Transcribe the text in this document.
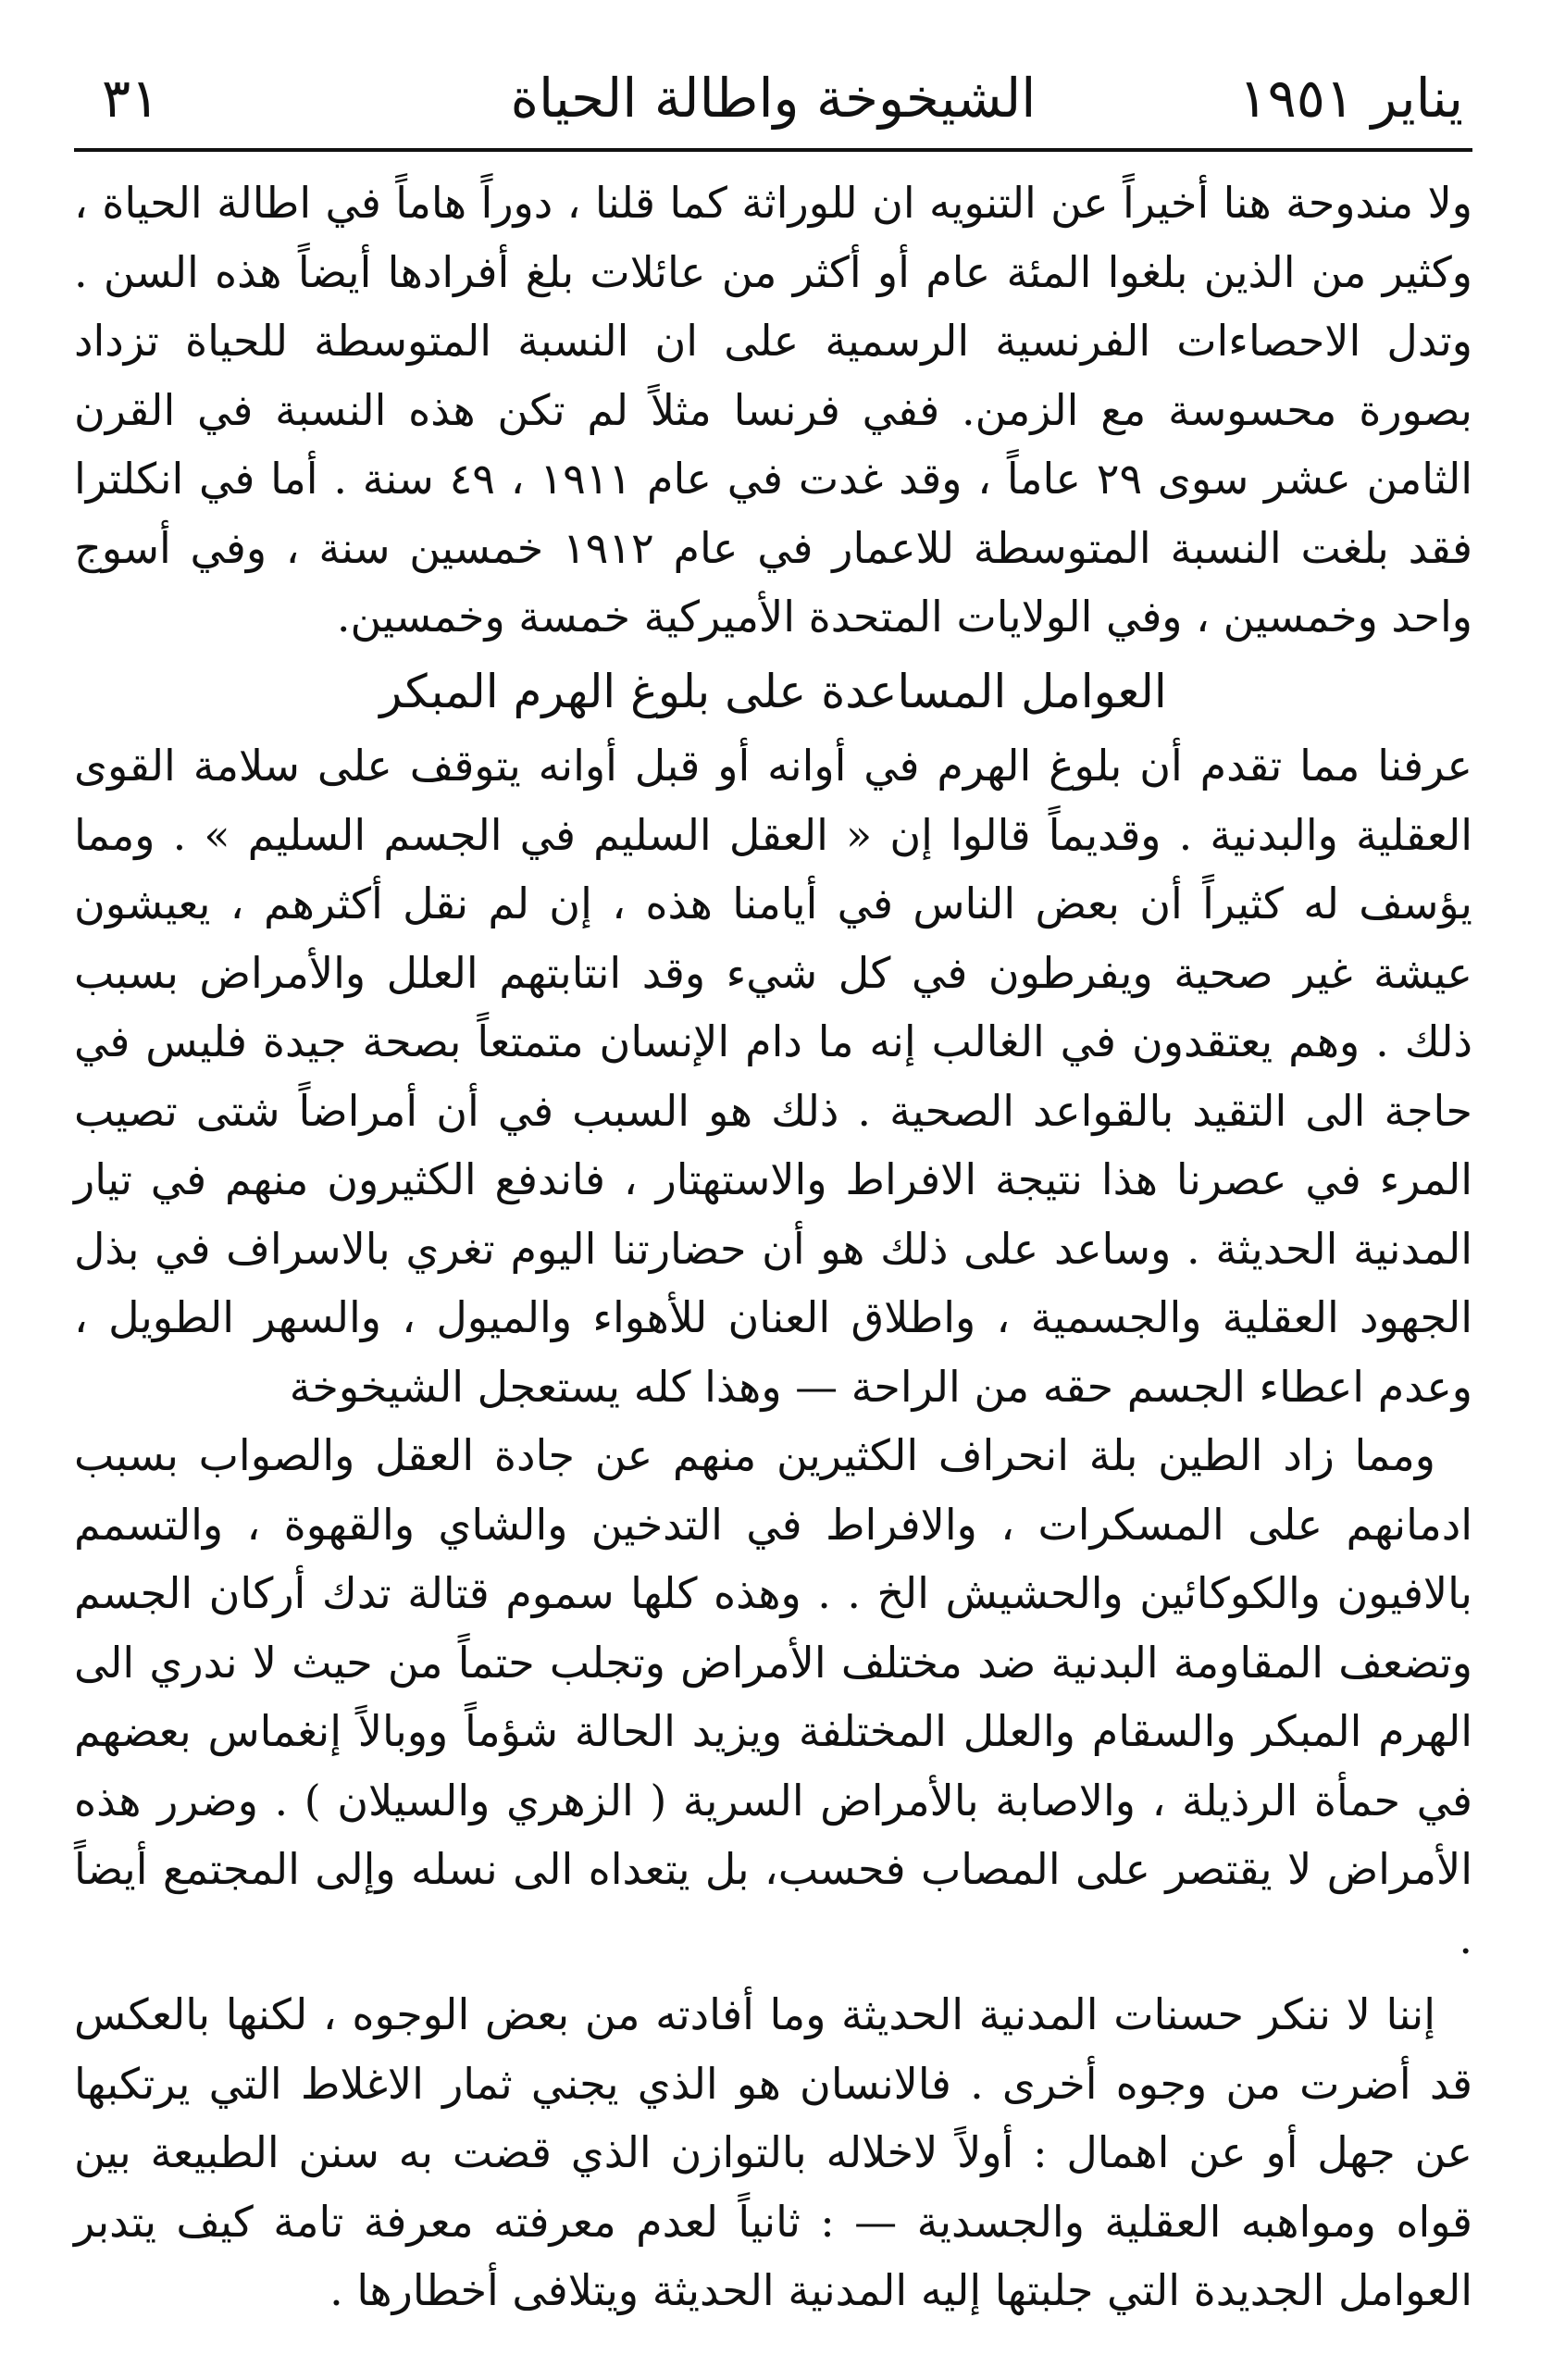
يناير ١٩٥١
الشيخوخة واطالة الحياة
٣١

ولا مندوحة هنا أخيراً عن التنويه ان للوراثة كما قلنا ، دوراً هاماً في اطالة الحياة ، وكثير من الذين بلغوا المئة عام أو أكثر من عائلات بلغ أفرادها أيضاً هذه السن . وتدل الاحصاءات الفرنسية الرسمية على ان النسبة المتوسطة للحياة تزداد بصورة محسوسة مع الزمن. ففي فرنسا مثلاً لم تكن هذه النسبة في القرن الثامن عشر سوى ٢٩ عاماً ، وقد غدت في عام ١٩١١ ، ٤٩ سنة . أما في انكلترا فقد بلغت النسبة المتوسطة للاعمار في عام ١٩١٢ خمسين سنة ، وفي أسوج واحد وخمسين ، وفي الولايات المتحدة الأميركية خمسة وخمسين.

العوامل المساعدة على بلوغ الهرم المبكر

عرفنا مما تقدم أن بلوغ الهرم في أوانه أو قبل أوانه يتوقف على سلامة القوى العقلية والبدنية . وقديماً قالوا إن « العقل السليم في الجسم السليم » . ومما يؤسف له كثيراً أن بعض الناس في أيامنا هذه ، إن لم نقل أكثرهم ، يعيشون عيشة غير صحية ويفرطون في كل شيء وقد انتابتهم العلل والأمراض بسبب ذلك . وهم يعتقدون في الغالب إنه ما دام الإنسان متمتعاً بصحة جيدة فليس في حاجة الى التقيد بالقواعد الصحية . ذلك هو السبب في أن أمراضاً شتى تصيب المرء في عصرنا هذا نتيجة الافراط والاستهتار ، فاندفع الكثيرون منهم في تيار المدنية الحديثة . وساعد على ذلك هو أن حضارتنا اليوم تغري بالاسراف في بذل الجهود العقلية والجسمية ، واطلاق العنان للأهواء والميول ، والسهر الطويل ، وعدم اعطاء الجسم حقه من الراحة — وهذا كله يستعجل الشيخوخة

ومما زاد الطين بلة انحراف الكثيرين منهم عن جادة العقل والصواب بسبب ادمانهم على المسكرات ، والافراط في التدخين والشاي والقهوة ، والتسمم بالافيون والكوكائين والحشيش الخ . . وهذه كلها سموم قتالة تدك أركان الجسم وتضعف المقاومة البدنية ضد مختلف الأمراض وتجلب حتماً من حيث لا ندري الى الهرم المبكر والسقام والعلل المختلفة ويزيد الحالة شؤماً ووبالاً إنغماس بعضهم في حمأة الرذيلة ، والاصابة بالأمراض السرية ( الزهري والسيلان ) . وضرر هذه الأمراض لا يقتصر على المصاب فحسب، بل يتعداه الى نسله وإلى المجتمع أيضاً .

إننا لا ننكر حسنات المدنية الحديثة وما أفادته من بعض الوجوه ، لكنها بالعكس قد أضرت من وجوه أخرى . فالانسان هو الذي يجني ثمار الاغلاط التي يرتكبها عن جهل أو عن اهمال : أولاً لاخلاله بالتوازن الذي قضت به سنن الطبيعة بين قواه ومواهبه العقلية والجسدية — : ثانياً لعدم معرفته معرفة تامة كيف يتدبر العوامل الجديدة التي جلبتها إليه المدنية الحديثة ويتلافى أخطارها .
